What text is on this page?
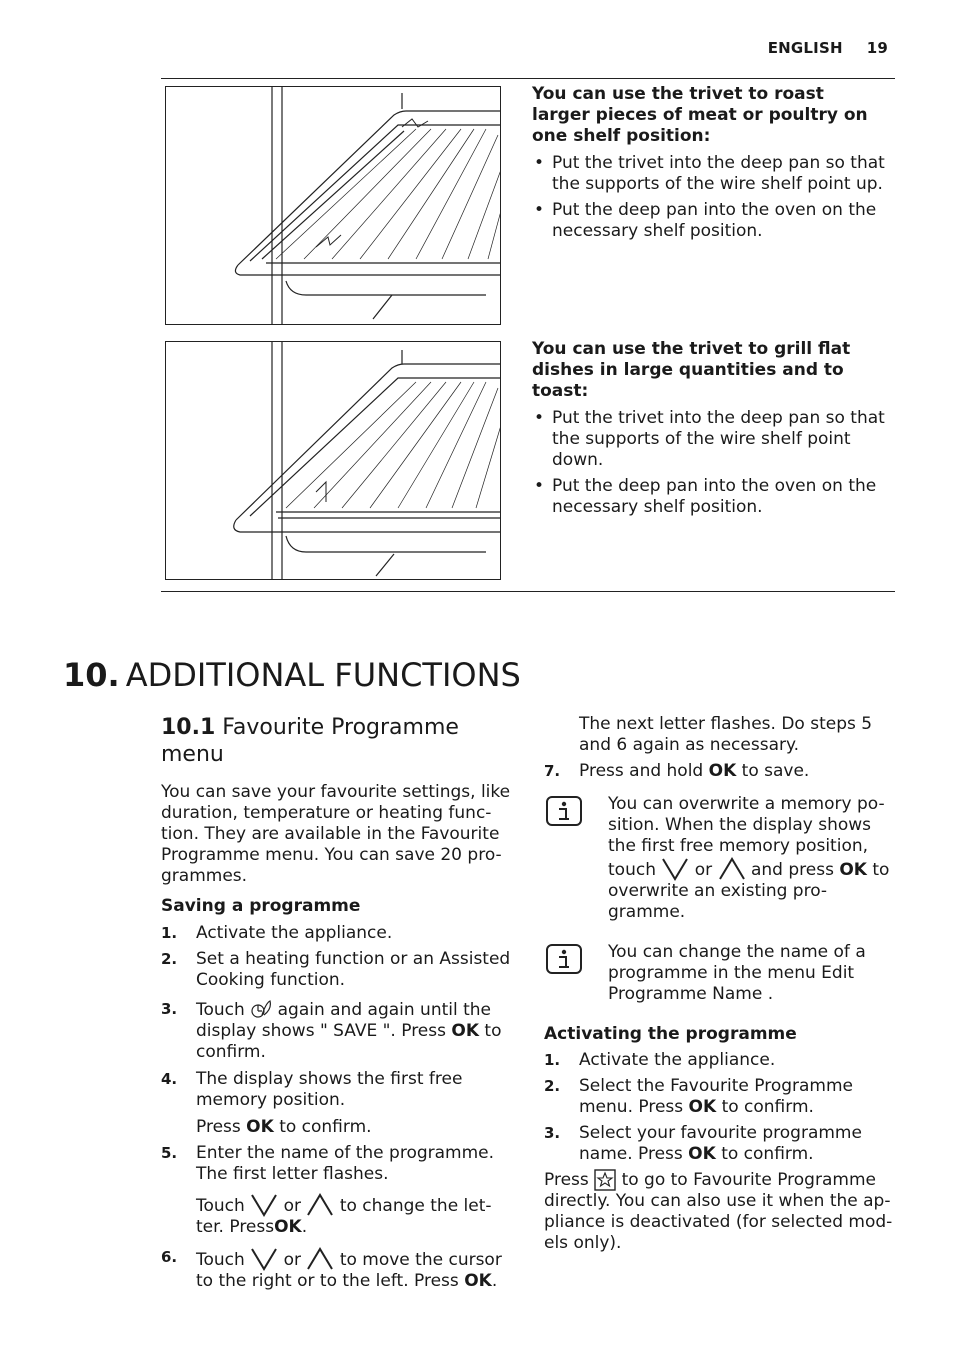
ENGLISH 19
You can use the trivet to roast larger pieces of meat or poultry on one shelf position:
• Put the trivet into the deep pan so that the supports of the wire shelf point up.
• Put the deep pan into the oven on the necessary shelf position.
You can use the trivet to grill flat dishes in large quantities and to toast:
• Put the trivet into the deep pan so that the supports of the wire shelf point down.
• Put the deep pan into the oven on the necessary shelf position.
10. ADDITIONAL FUNCTIONS
10.1 Favourite Programme menu
You can save your favourite settings, like duration, temperature or heating func-tion. They are available in the Favourite Programme menu. You can save 20 pro-grammes.
Saving a programme
1. Activate the appliance.
2. Set a heating function or an Assisted Cooking function.
3. Touch again and again until the display shows " SAVE ". Press OK to confirm.
4. The display shows the first free memory position.
Press OK to confirm.
5. Enter the name of the programme. The first letter flashes.
Touch or to change the let-ter. PressOK.
6. Touch or to move the cursor to the right or to the left. Press OK.
The next letter flashes. Do steps 5 and 6 again as necessary.
7. Press and hold OK to save.
You can overwrite a memory po-sition. When the display shows the first free memory position, touch or and press OK to overwrite an existing pro-gramme.
You can change the name of a programme in the menu Edit Programme Name .
Activating the programme
1. Activate the appliance.
2. Select the Favourite Programme menu. Press OK to confirm.
3. Select your favourite programme name. Press OK to confirm.
Press to go to Favourite Programme directly. You can also use it when the ap-pliance is deactivated (for selected mod-els only).
